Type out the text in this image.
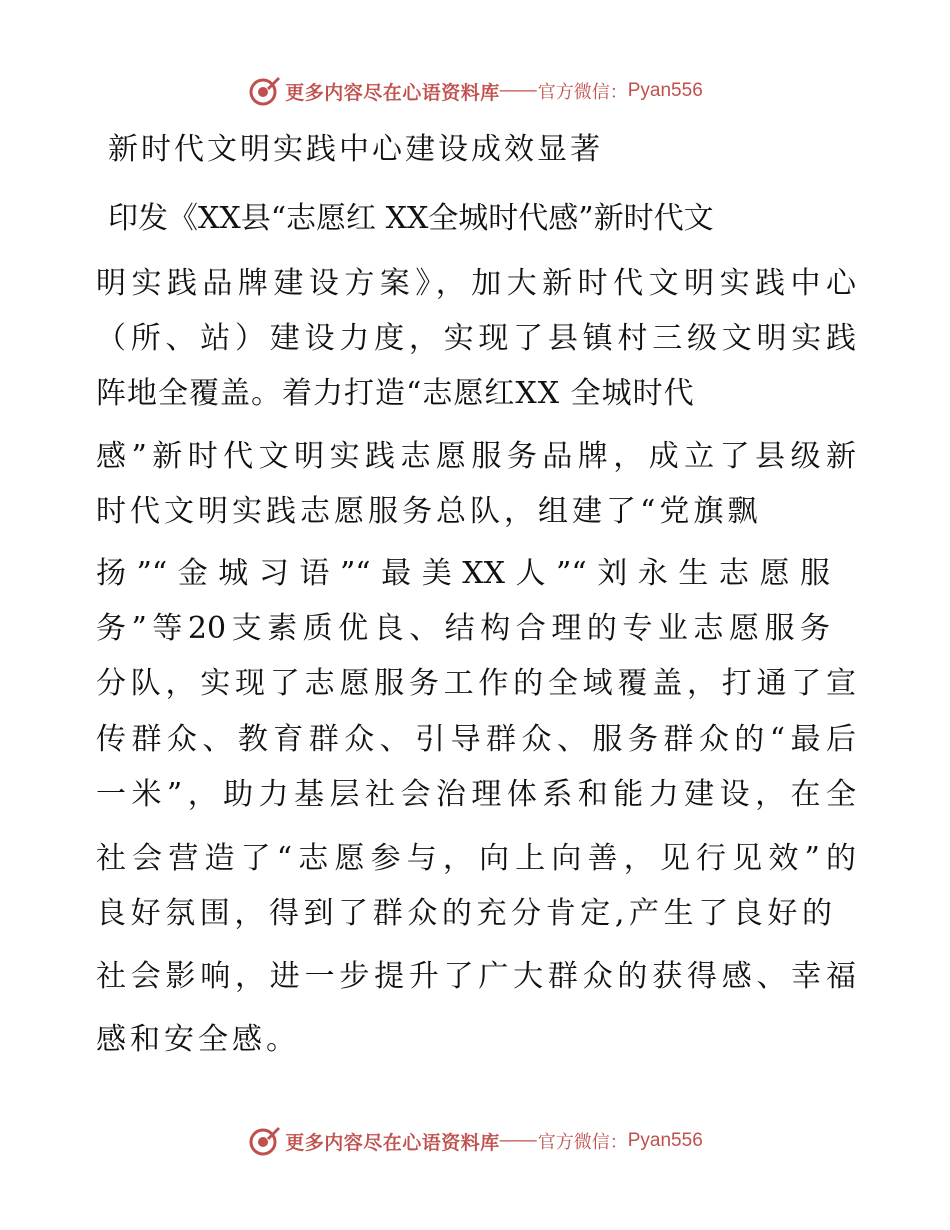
更多内容尽在心语资料库 —— 官方微信： Pyan556
新时代文明实践中心建设成效显著
印发《XX县“志愿红 XX全城时代感”新时代文
明实践品牌建设方案》，加大新时代文明实践中心
（所、站）建设力度，实现了县镇村三级文明实践
阵地全覆盖。着力打造“志愿红XX 全城时代
感”新时代文明实践志愿服务品牌，成立了县级新
时代文明实践志愿服务总队，组建了“党旗飘
扬”“金城习语”“最美XX人”“刘永生志愿服
务”等20支素质优良、结构合理的专业志愿服务
分队，实现了志愿服务工作的全域覆盖，打通了宣
传群众、教育群众、引导群众、服务群众的“最后
一米”，助力基层社会治理体系和能力建设，在全
社会营造了“志愿参与，向上向善，见行见效”的
良好氛围，得到了群众的充分肯定,产生了良好的
社会影响，进一步提升了广大群众的获得感、幸福
感和安全感。
更多内容尽在心语资料库 —— 官方微信： Pyan556
